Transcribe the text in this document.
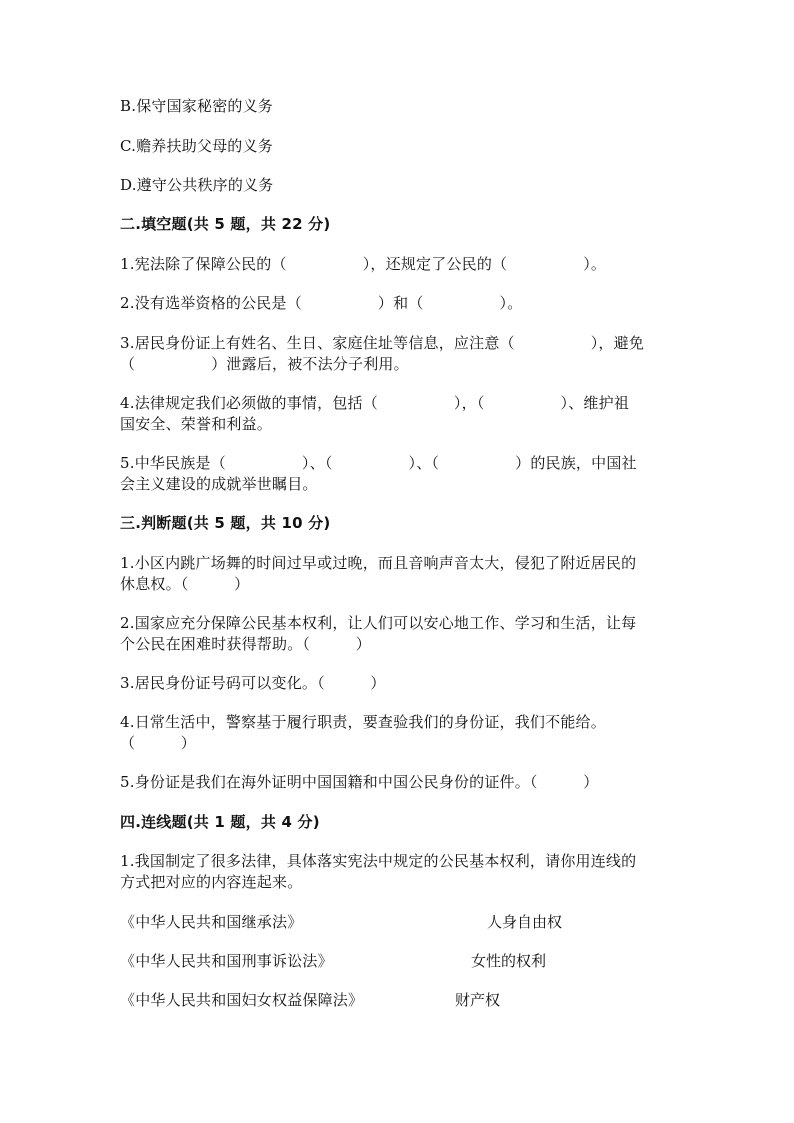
B.保守国家秘密的义务
C.赡养扶助父母的义务
D.遵守公共秩序的义务
二.填空题(共 5 题，共 22 分)
1.宪法除了保障公民的（　　　　　），还规定了公民的（　　　　　）。
2.没有选举资格的公民是（　　　　　）和（　　　　　）。
3.居民身份证上有姓名、生日、家庭住址等信息，应注意（　　　　　），避免
（　　　　　）泄露后，被不法分子利用。
4.法律规定我们必须做的事情，包括（　　　　　），（　　　　　）、维护祖
国安全、荣誉和利益。
5.中华民族是（　　　　　）、（　　　　　）、（　　　　　）的民族，中国社
会主义建设的成就举世瞩目。
三.判断题(共 5 题，共 10 分)
1.小区内跳广场舞的时间过早或过晚，而且音响声音太大，侵犯了附近居民的
休息权。（　　　）
2.国家应充分保障公民基本权利，让人们可以安心地工作、学习和生活，让每
个公民在困难时获得帮助。（　　　）
3.居民身份证号码可以变化。（　　　）
4.日常生活中，警察基于履行职责，要查验我们的身份证，我们不能给。
（　　　）
5.身份证是我们在海外证明中国国籍和中国公民身份的证件。（　　　）
四.连线题(共 1 题，共 4 分)
1.我国制定了很多法律，具体落实宪法中规定的公民基本权利，请你用连线的
方式把对应的内容连起来。
《中华人民共和国继承法》
《中华人民共和国刑事诉讼法》
《中华人民共和国妇女权益保障法》
人身自由权
女性的权利
财产权
